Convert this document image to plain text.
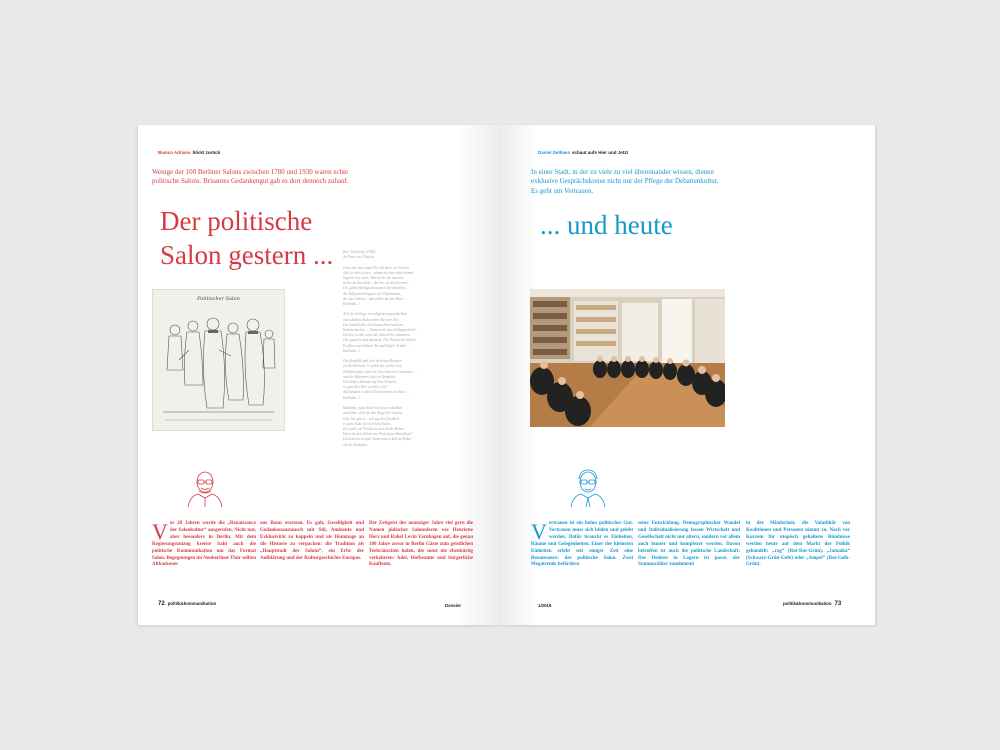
Bianca Adrians blickt zurück
Wenige der 100 Berliner Salons zwischen 1780 und 1930 waren echte politische Salons. Brisantes Gedankengut gab es dort dennoch zuhauf.
Der politische
Salon gestern ...
Politischer Salon
Kurt Tucholsky (1930)
An Frau von Olsstedt

Gönn mir das traute Du. Ich kann vor Lachen
dich ja nicht siezen – nimm mir das nicht krumm!
Sag mir nur eines: Was ist bei dir machen,
steher du das nicht – das Sie um dich herum?
Die gebrechlichgeschossenen Streckstreien,
die Talleyrand-Engerer der Diplomaten,
der aus Liberia – und selber da aus Mitte …
Kathinka –!

Ach, Sie kelilege in wohlgehetzegeschnellten
und schöbest Reden ihren Her der Zeit.
Die dunkällchter die kanonelhwernetlisen
Schmierbachen … Damen mit dem Schlapperkleid …
Du bist so zäh, wenn die Schmelche schmelzen.
Die quasscht und quasscht. Die Dreckrelen lächen.
Es führen und führen Tee und Kaffee Trinker …
Kathinka –!

Die Republik gibt sich in deinen Räumen
ein Stelldichein. O welch ein wieder erof
Schläfrungsfer sind wir. Sie entwerrei erkommen …
und die Reformen sind ein Tangokitt.
Viel länkes Salonns auf Ihne Schoenl,
er genießen Hier ist alles eitel.
Auf hundert reichen Glanz kommt ein Vater …
Kathinka –!

Kathinka, puna Kind! Du bist so niedlich
und hälter dich für den Nagel der Saison.
Geh, hör gut zu – ich sag dirs friedlich:
es ganz Kuke ist noch kein Salon.
Du weißt von Politik auch nicht die Bohne.
Hörst du den Schritt der Proletarier-Bataillone?
Du bemerst zu spät. Denn unsere Zeit ist flinker
als du, Kathinka.
Vor 20 Jahren wurde die „Renaissance der Salonkultur“ ausgerufen. Nicht nur, aber besonders in Berlin. Mit dem Regierungsumzug kreiste bald auch die politische Kommunikation um das Format Salon. Begegnungen im Neuberliner Flair sollten Altbackenes
aus Bonn ersetzen. Es galt, Geselligkeit und Gedankenaustausch mit Stil, Ambiente und Exklusivität zu koppeln und als Hommage an die Historie zu verpacken: die Tradition als „Hauptstadt der Salons“, ein Erbe der Aufklärung und der Kulturgeschichte Europas.
Der Zeitgeist der neunziger Jahre rief gern die Namen jüdischer Salonnièren wie Henriette Herz und Rahel Levin Varnhagen auf, die genau 100 Jahre zuvor in Berlin Gäste zum geistlichen Teekränzchen luden, die sonst nie ebenbürtig verkehrten: Adel, Hofbeamte und bürgerliche Kaufleute,
72 politik&kommunikation	Dossier
Daniel Delhaes schaut aufs Hier und Jetzt
In einer Stadt, in der zu viele zu viel übereinander wissen, dienen exklusive Gesprächskreise nicht nur der Pflege der Debattenkultur. Es geht um Vertrauen.
... und heute
Vertrauen ist ein hohes politisches Gut. Vertrauen muss sich bilden und gelebt werden. Dafür braucht es Einheiten, Räume und Gelegenheiten. Einer der kleinsten Einheiten erlebt seit einiger Zeit eine Renaissance: der politische Salon. Zwei Megatrends befördern
seine Entwicklung. Demographischer Wandel und Individualisierung lassen Wirtschaft und Gesellschaft nicht nur altern, sondern vor allem auch bunter und komplexer werden. Davon betroffen ist auch die politische Landschaft: Das Denken in Lagern ist passé, der Stammwähler zunehmend
in der Minderheit, die Volatilität von Koalitionen und Personen nimmt zu. Noch vor Kurzem für utopisch gehaltene Bündnisse werden heute auf dem Markt der Politik gehandelt: „rag“ (Rot-Rot-Grün), „Jamaika“ (Schwarz-Grün-Gelb) oder „Ampel“ (Rot-Gelb-Grün).
1/2016	politik&kommunikation 73
